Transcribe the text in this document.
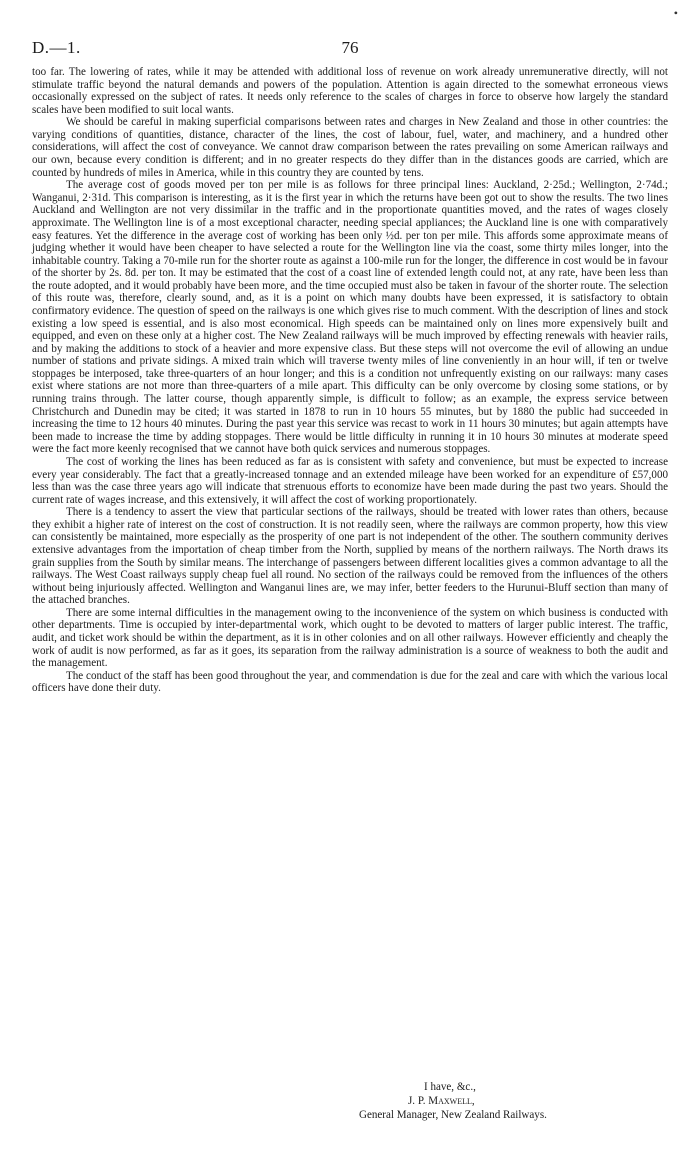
•
D.—1.	76

too far. The lowering of rates, while it may be attended with additional loss of revenue on work already unremunerative directly, will not stimulate traffic beyond the natural demands and powers of the population. Attention is again directed to the somewhat erroneous views occasionally expressed on the subject of rates. It needs only reference to the scales of charges in force to observe how largely the standard scales have been modified to suit local wants.

We should be careful in making superficial comparisons between rates and charges in New Zealand and those in other countries: the varying conditions of quantities, distance, character of the lines, the cost of labour, fuel, water, and machinery, and a hundred other considerations, will affect the cost of conveyance. We cannot draw comparison between the rates prevailing on some American railways and our own, because every condition is different; and in no greater respects do they differ than in the distances goods are carried, which are counted by hundreds of miles in America, while in this country they are counted by tens.

The average cost of goods moved per ton per mile is as follows for three principal lines: Auckland, 2·25d.; Wellington, 2·74d.; Wanganui, 2·31d. This comparison is interesting, as it is the first year in which the returns have been got out to show the results. The two lines Auckland and Wellington are not very dissimilar in the traffic and in the proportionate quantities moved, and the rates of wages closely approximate. The Wellington line is of a most exceptional character, needing special appliances; the Auckland line is one with comparatively easy features. Yet the difference in the average cost of working has been only ½d. per ton per mile. This affords some approximate means of judging whether it would have been cheaper to have selected a route for the Wellington line via the coast, some thirty miles longer, into the inhabitable country. Taking a 70-mile run for the shorter route as against a 100-mile run for the longer, the difference in cost would be in favour of the shorter by 2s. 8d. per ton. It may be estimated that the cost of a coast line of extended length could not, at any rate, have been less than the route adopted, and it would probably have been more, and the time occupied must also be taken in favour of the shorter route. The selection of this route was, therefore, clearly sound, and, as it is a point on which many doubts have been expressed, it is satisfactory to obtain confirmatory evidence. The question of speed on the railways is one which gives rise to much comment. With the description of lines and stock existing a low speed is essential, and is also most economical. High speeds can be maintained only on lines more expensively built and equipped, and even on these only at a higher cost. The New Zealand railways will be much improved by effecting renewals with heavier rails, and by making the additions to stock of a heavier and more expensive class. But these steps will not overcome the evil of allowing an undue number of stations and private sidings. A mixed train which will traverse twenty miles of line conveniently in an hour will, if ten or twelve stoppages be interposed, take three-quarters of an hour longer; and this is a condition not unfrequently existing on our railways: many cases exist where stations are not more than three-quarters of a mile apart. This difficulty can be only overcome by closing some stations, or by running trains through. The latter course, though apparently simple, is difficult to follow; as an example, the express service between Christchurch and Dunedin may be cited; it was started in 1878 to run in 10 hours 55 minutes, but by 1880 the public had succeeded in increasing the time to 12 hours 40 minutes. During the past year this service was recast to work in 11 hours 30 minutes; but again attempts have been made to increase the time by adding stoppages. There would be little difficulty in running it in 10 hours 30 minutes at moderate speed were the fact more keenly recognised that we cannot have both quick services and numerous stoppages.

The cost of working the lines has been reduced as far as is consistent with safety and convenience, but must be expected to increase every year considerably. The fact that a greatly-increased tonnage and an extended mileage have been worked for an expenditure of £57,000 less than was the case three years ago will indicate that strenuous efforts to economize have been made during the past two years. Should the current rate of wages increase, and this extensively, it will affect the cost of working proportionately.

There is a tendency to assert the view that particular sections of the railways, should be treated with lower rates than others, because they exhibit a higher rate of interest on the cost of construction. It is not readily seen, where the railways are common property, how this view can consistently be maintained, more especially as the prosperity of one part is not independent of the other. The southern community derives extensive advantages from the importation of cheap timber from the North, supplied by means of the northern railways. The North draws its grain supplies from the South by similar means. The interchange of passengers between different localities gives a common advantage to all the railways. The West Coast railways supply cheap fuel all round. No section of the railways could be removed from the influences of the others without being injuriously affected. Wellington and Wanganui lines are, we may infer, better feeders to the Hurunui-Bluff section than many of the attached branches.

There are some internal difficulties in the management owing to the inconvenience of the system on which business is conducted with other departments. Time is occupied by inter-departmental work, which ought to be devoted to matters of larger public interest. The traffic, audit, and ticket work should be within the department, as it is in other colonies and on all other railways. However efficiently and cheaply the work of audit is now performed, as far as it goes, its separation from the railway administration is a source of weakness to both the audit and the management.

The conduct of the staff has been good throughout the year, and commendation is due for the zeal and care with which the various local officers have done their duty.

I have, &c.,
J. P. Maxwell,
General Manager, New Zealand Railways.
